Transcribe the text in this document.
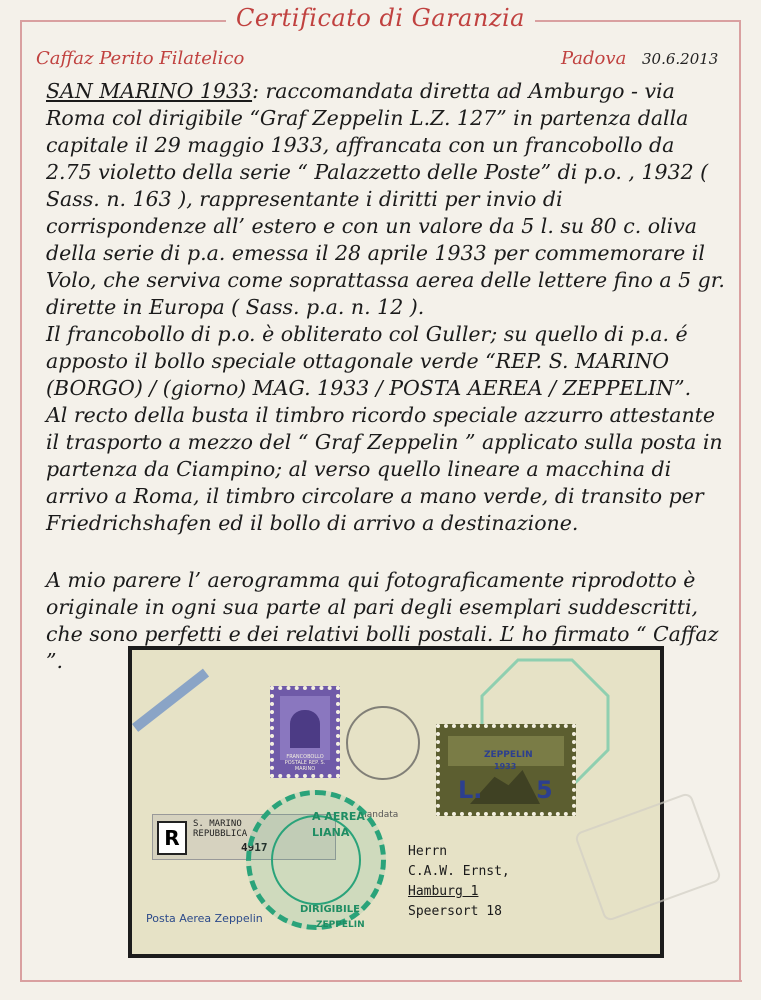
Certificato di Garanzia
Caffaz Perito Filatelico	Padova 30.6.2013

SAN MARINO 1933: raccomandata diretta ad Amburgo - via Roma col dirigibile “Graf Zeppelin L.Z. 127” in partenza dalla capitale il 29 maggio 1933, affrancata con un francobollo da 2.75 violetto della serie “ Palazzetto delle Poste” di p.o. , 1932 ( Sass. n. 163 ), rappresentante i diritti per invio di corrispondenze all’ estero e con un valore da 5 l. su 80 c. oliva della serie di p.a. emessa il 28 aprile 1933 per commemorare il Volo, che serviva come soprattassa aerea delle lettere fino a 5 gr. dirette in Europa ( Sass. p.a. n. 12 ).

Il francobollo di p.o. è obliterato col Guller; su quello di p.a. é apposto il bollo speciale ottagonale verde “REP. S. MARINO (BORGO) / (giorno) MAG. 1933 / POSTA AEREA / ZEPPELIN”.

Al recto della busta il timbro ricordo speciale azzurro attestante il trasporto a mezzo del “ Graf Zeppelin ” applicato sulla posta in partenza da Ciampino; al verso quello lineare a macchina di arrivo a Roma, il timbro circolare a mano verde, di transito per Friedrichshafen ed il bollo di arrivo a destinazione.

A mio parere l’ aerogramma qui fotograficamente riprodotto è originale in ogni sua parte al pari degli esemplari suddescritti, che sono perfetti e dei relativi bolli postali. L’ ho firmato “ Caffaz ”.

FRANCOBOLLO POSTALE REP. S. MARINO
ZEPPELIN
1933
L. 5
R
S. MARINO
REPUBBLICA
4917
mandata
A AEREA
LIANA
DIRIGIBILE
ZEPPELIN
Posta Aerea Zeppelin
Herrn
C.A.W. Ernst,
Hamburg 1
Speersort 18
